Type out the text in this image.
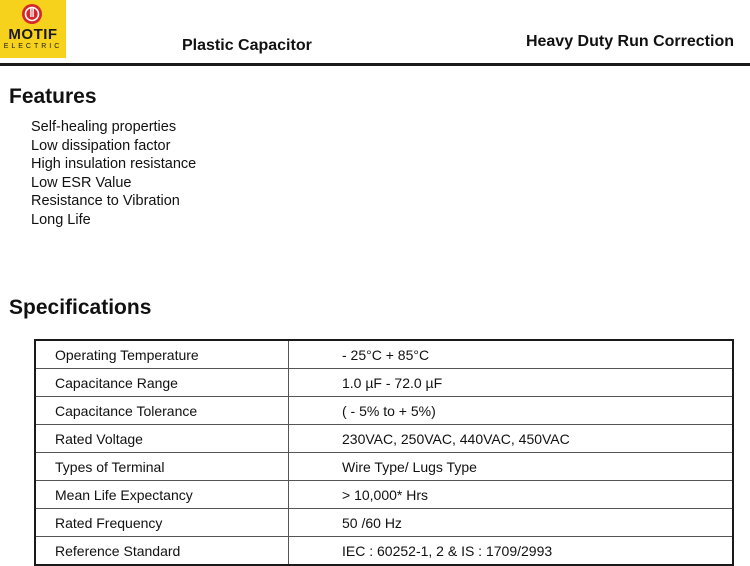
MOTIF
ELECTRIC	Plastic Capacitor	Heavy Duty Run Correction
Features
Self-healing properties
Low dissipation factor
High insulation resistance
Low ESR Value
Resistance to Vibration
Long Life
Specifications
Operating Temperature	- 25°C + 85°C
Capacitance Range	1.0 µF - 72.0 µF
Capacitance Tolerance	( - 5% to + 5%)
Rated Voltage	230VAC, 250VAC, 440VAC, 450VAC
Types of Terminal	Wire Type/ Lugs Type
Mean Life Expectancy	> 10,000* Hrs
Rated Frequency	50 /60 Hz
Reference Standard	IEC : 60252-1, 2 & IS : 1709/2993
